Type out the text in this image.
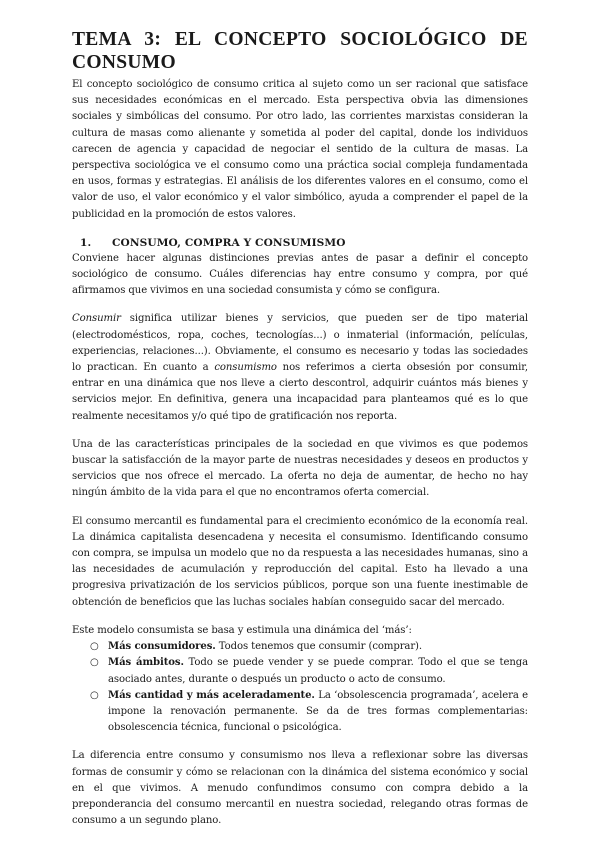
TEMA 3: EL CONCEPTO SOCIOLÓGICO DE CONSUMO

El concepto sociológico de consumo critica al sujeto como un ser racional que satisface sus necesidades económicas en el mercado. Esta perspectiva obvia las dimensiones sociales y simbólicas del consumo. Por otro lado, las corrientes marxistas consideran la cultura de masas como alienante y sometida al poder del capital, donde los individuos carecen de agencia y capacidad de negociar el sentido de la cultura de masas. La perspectiva sociológica ve el consumo como una práctica social compleja fundamentada en usos, formas y estrategias. El análisis de los diferentes valores en el consumo, como el valor de uso, el valor económico y el valor simbólico, ayuda a comprender el papel de la publicidad en la promoción de estos valores.

1. CONSUMO, COMPRA Y CONSUMISMO

Conviene hacer algunas distinciones previas antes de pasar a definir el concepto sociológico de consumo. Cuáles diferencias hay entre consumo y compra, por qué afirmamos que vivimos en una sociedad consumista y cómo se configura.

Consumir significa utilizar bienes y servicios, que pueden ser de tipo material (electrodomésticos, ropa, coches, tecnologías...) o inmaterial (información, películas, experiencias, relaciones...). Obviamente, el consumo es necesario y todas las sociedades lo practican. En cuanto a consumismo nos referimos a cierta obsesión por consumir, entrar en una dinámica que nos lleve a cierto descontrol, adquirir cuántos más bienes y servicios mejor. En definitiva, genera una incapacidad para planteamos qué es lo que realmente necesitamos y/o qué tipo de gratificación nos reporta.

Una de las características principales de la sociedad en que vivimos es que podemos buscar la satisfacción de la mayor parte de nuestras necesidades y deseos en productos y servicios que nos ofrece el mercado. La oferta no deja de aumentar, de hecho no hay ningún ámbito de la vida para el que no encontramos oferta comercial.

El consumo mercantil es fundamental para el crecimiento económico de la economía real. La dinámica capitalista desencadena y necesita el consumismo. Identificando consumo con compra, se impulsa un modelo que no da respuesta a las necesidades humanas, sino a las necesidades de acumulación y reproducción del capital. Esto ha llevado a una progresiva privatización de los servicios públicos, porque son una fuente inestimable de obtención de beneficios que las luchas sociales habían conseguido sacar del mercado.

Este modelo consumista se basa y estimula una dinámica del ‘más’:

○ Más consumidores. Todos tenemos que consumir (comprar).
○ Más ámbitos. Todo se puede vender y se puede comprar. Todo el que se tenga asociado antes, durante o después un producto o acto de consumo.
○ Más cantidad y más aceleradamente. La ‘obsolescencia programada’, acelera e impone la renovación permanente. Se da de tres formas complementarias: obsolescencia técnica, funcional o psicológica.

La diferencia entre consumo y consumismo nos lleva a reflexionar sobre las diversas formas de consumir y cómo se relacionan con la dinámica del sistema económico y social en el que vivimos. A menudo confundimos consumo con compra debido a la preponderancia del consumo mercantil en nuestra sociedad, relegando otras formas de consumo a un segundo plano.
